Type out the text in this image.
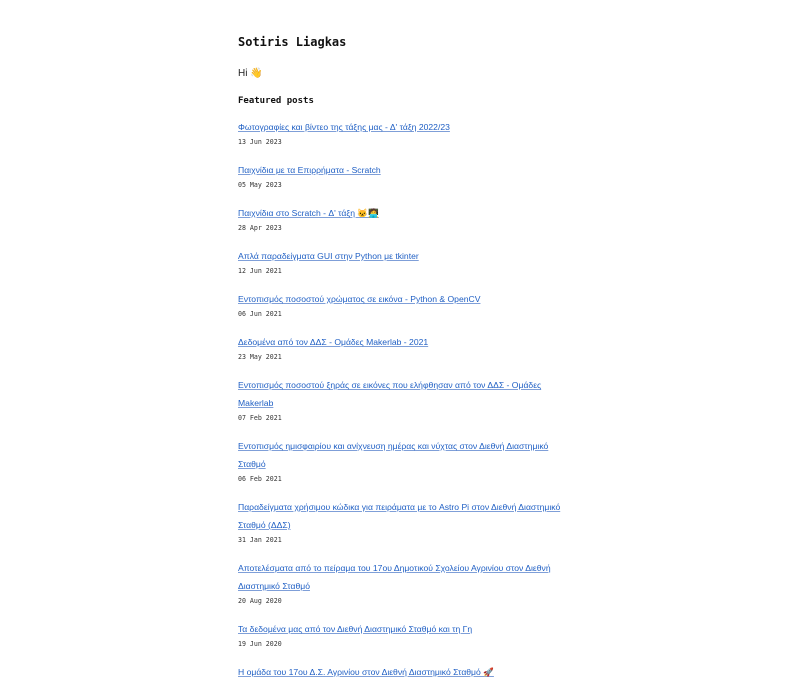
Sotiris Liagkas
Hi 👋
Featured posts
Φωτογραφίες και βίντεο της τάξης μας - Δ' τάξη 2022/23
13 Jun 2023
Παιχνίδια με τα Επιρρήματα - Scratch
05 May 2023
Παιχνίδια στο Scratch - Δ' τάξη 🐱🧑‍💻
28 Apr 2023
Απλά παραδείγματα GUI στην Python με tkinter
12 Jun 2021
Εντοπισμός ποσοστού χρώματος σε εικόνα - Python & OpenCV
06 Jun 2021
Δεδομένα από τον ΔΔΣ - Ομάδες Makerlab - 2021
23 May 2021
Εντοπισμός ποσοστού ξηράς σε εικόνες που ελήφθησαν από τον ΔΔΣ - Ομάδες Makerlab
07 Feb 2021
Εντοπισμός ημισφαιρίου και ανίχνευση ημέρας και νύχτας στον Διεθνή Διαστημικό Σταθμό
06 Feb 2021
Παραδείγματα χρήσιμου κώδικα για πειράματα με το Astro Pi στον Διεθνή Διαστημικό Σταθμό (ΔΔΣ)
31 Jan 2021
Αποτελέσματα από το πείραμα του 17ου Δημοτικού Σχολείου Αγρινίου στον Διεθνή Διαστημικό Σταθμό
20 Aug 2020
Τα δεδομένα μας από τον Διεθνή Διαστημικό Σταθμό και τη Γη
19 Jun 2020
Η ομάδα του 17ου Δ.Σ. Αγρινίου στον Διεθνή Διαστημικό Σταθμό 🚀
